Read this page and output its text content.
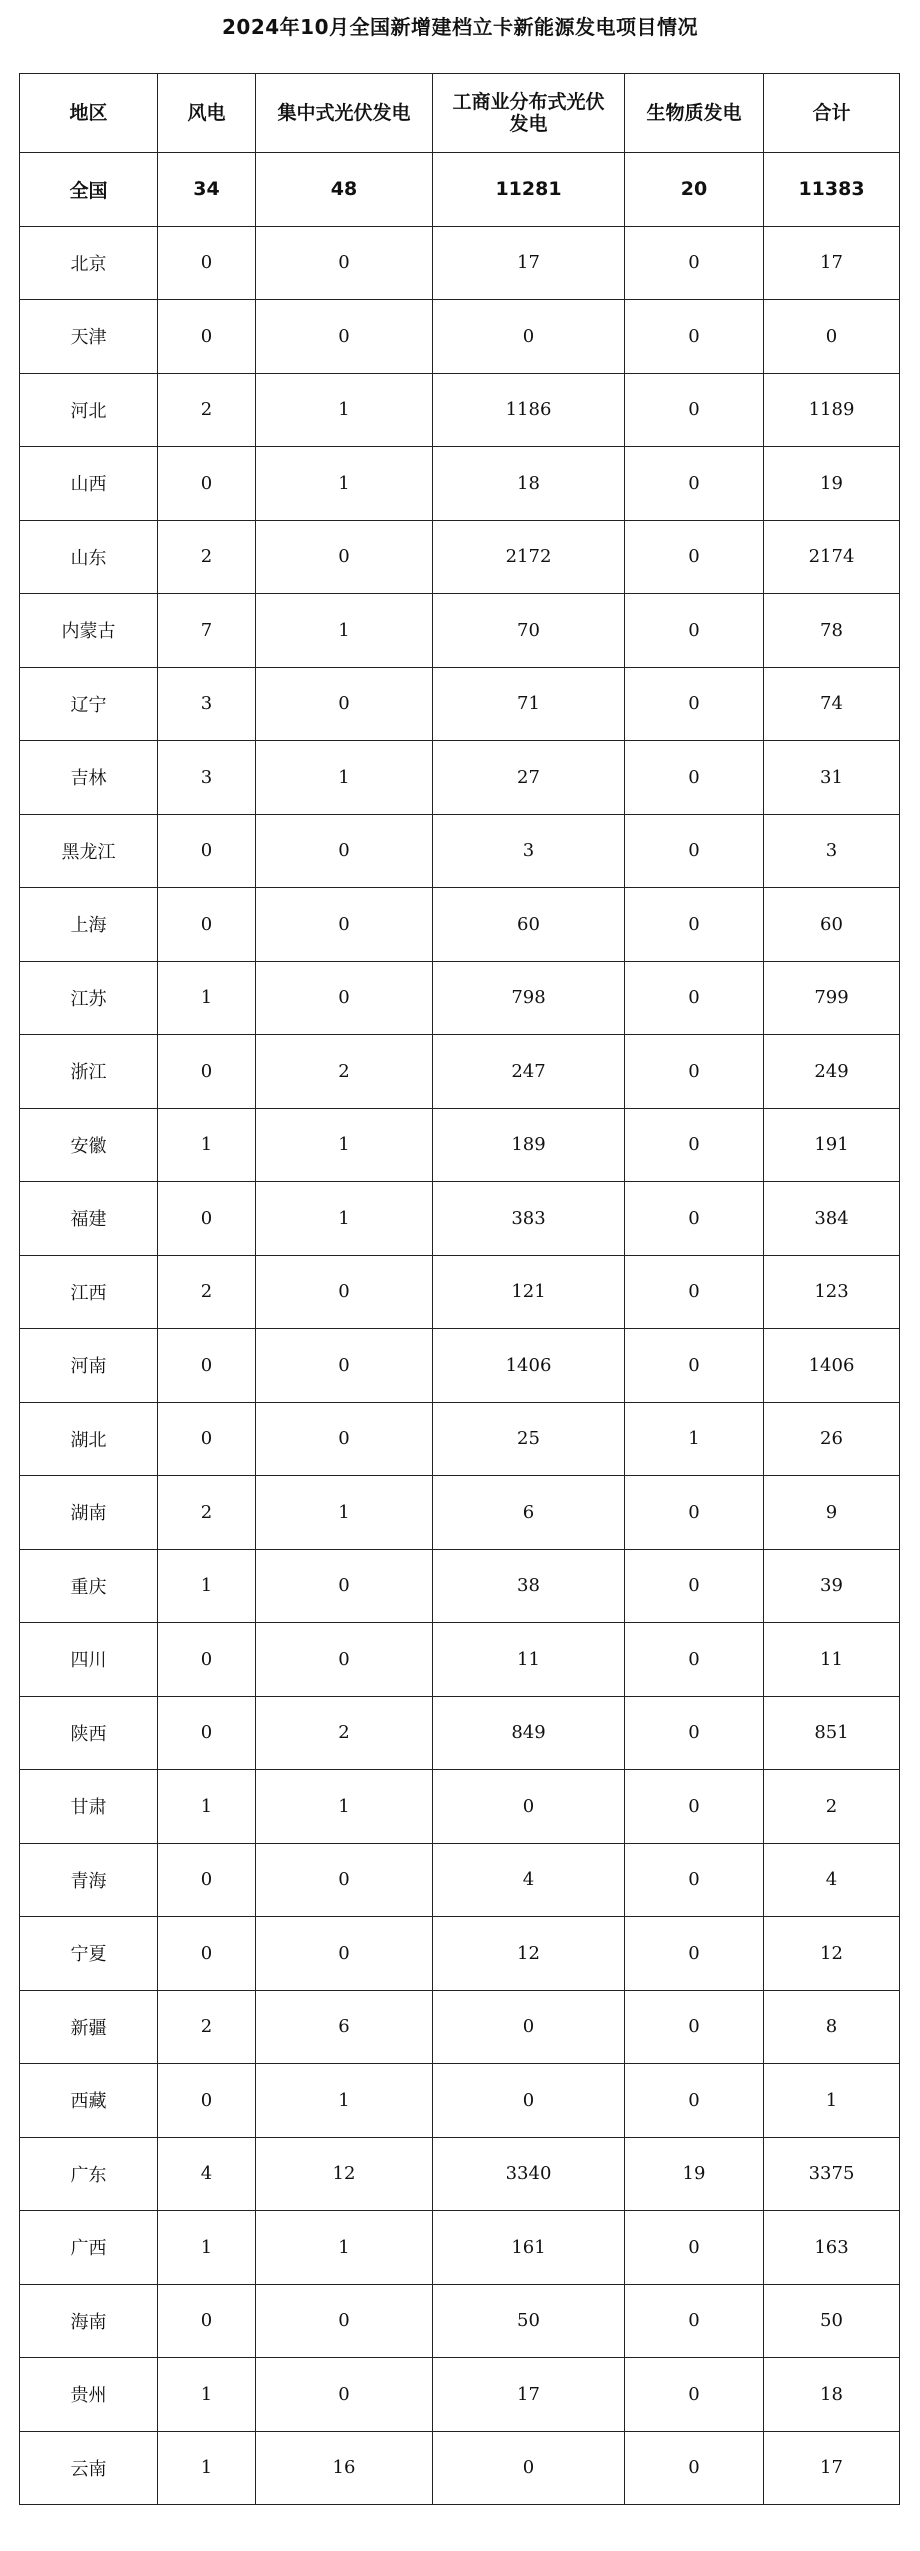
2024年10月全国新增建档立卡新能源发电项目情况
地区	风电	集中式光伏发电	工商业分布式光伏发电	生物质发电	合计
全国	34	48	11281	20	11383
北京	0	0	17	0	17
天津	0	0	0	0	0
河北	2	1	1186	0	1189
山西	0	1	18	0	19
山东	2	0	2172	0	2174
内蒙古	7	1	70	0	78
辽宁	3	0	71	0	74
吉林	3	1	27	0	31
黑龙江	0	0	3	0	3
上海	0	0	60	0	60
江苏	1	0	798	0	799
浙江	0	2	247	0	249
安徽	1	1	189	0	191
福建	0	1	383	0	384
江西	2	0	121	0	123
河南	0	0	1406	0	1406
湖北	0	0	25	1	26
湖南	2	1	6	0	9
重庆	1	0	38	0	39
四川	0	0	11	0	11
陕西	0	2	849	0	851
甘肃	1	1	0	0	2
青海	0	0	4	0	4
宁夏	0	0	12	0	12
新疆	2	6	0	0	8
西藏	0	1	0	0	1
广东	4	12	3340	19	3375
广西	1	1	161	0	163
海南	0	0	50	0	50
贵州	1	0	17	0	18
云南	1	16	0	0	17
